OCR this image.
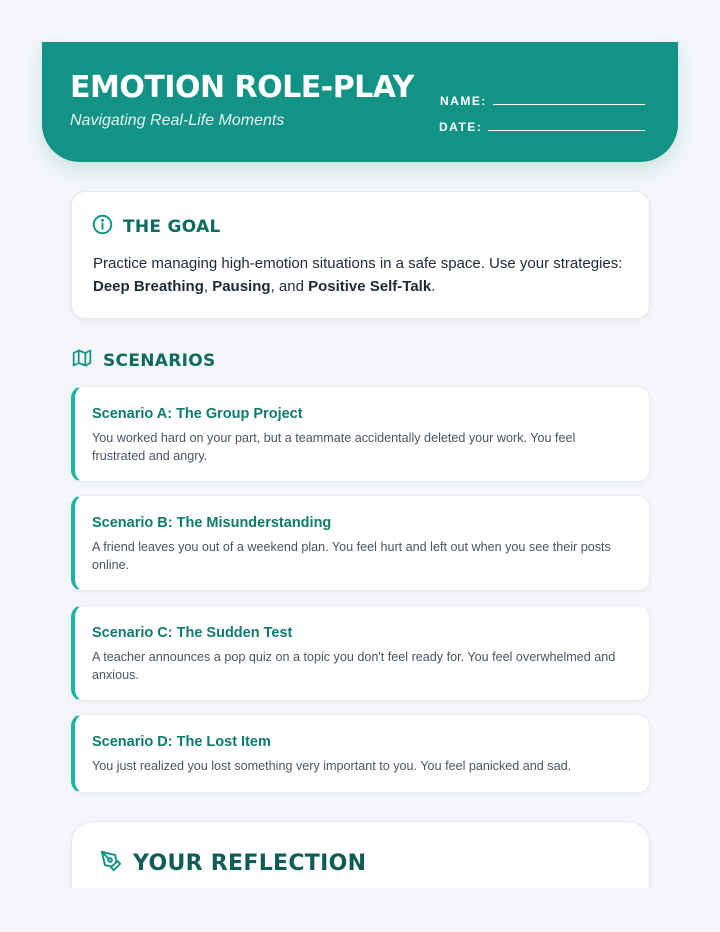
EMOTION ROLE-PLAY
Navigating Real-Life Moments
NAME:
DATE:
THE GOAL
Practice managing high-emotion situations in a safe space. Use your strategies: Deep Breathing, Pausing, and Positive Self-Talk.
SCENARIOS
Scenario A: The Group Project
You worked hard on your part, but a teammate accidentally deleted your work. You feel frustrated and angry.
Scenario B: The Misunderstanding
A friend leaves you out of a weekend plan. You feel hurt and left out when you see their posts online.
Scenario C: The Sudden Test
A teacher announces a pop quiz on a topic you don't feel ready for. You feel overwhelmed and anxious.
Scenario D: The Lost Item
You just realized you lost something very important to you. You feel panicked and sad.
YOUR REFLECTION
